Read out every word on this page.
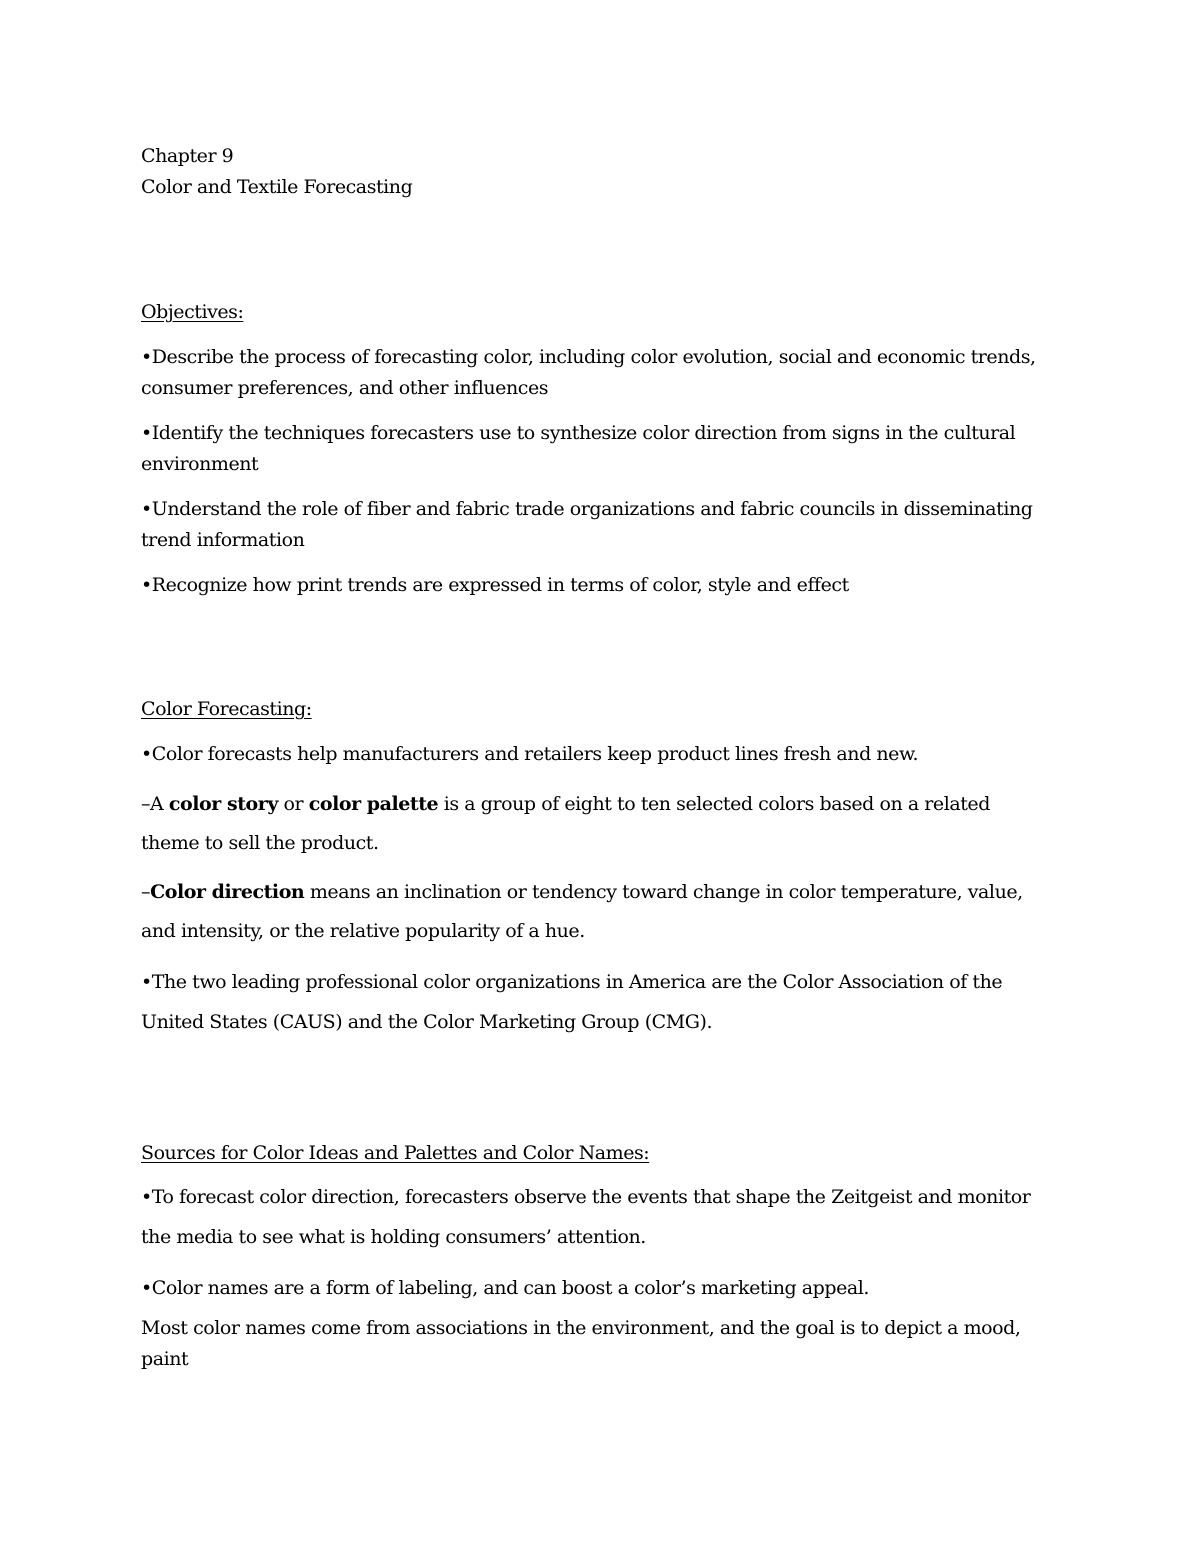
Chapter 9
Color and Textile Forecasting
Objectives:
•Describe the process of forecasting color, including color evolution, social and economic trends,
consumer preferences, and other influences
•Identify the techniques forecasters use to synthesize color direction from signs in the cultural
environment
•Understand the role of fiber and fabric trade organizations and fabric councils in disseminating
trend information
•Recognize how print trends are expressed in terms of color, style and effect
Color Forecasting:
•Color forecasts help manufacturers and retailers keep product lines fresh and new.
–A color story or color palette is a group of eight to ten selected colors based on a related
theme to sell the product.
–Color direction means an inclination or tendency toward change in color temperature, value,
and intensity, or the relative popularity of a hue.
•The two leading professional color organizations in America are the Color Association of the
United States (CAUS) and the Color Marketing Group (CMG).
Sources for Color Ideas and Palettes and Color Names:
•To forecast color direction, forecasters observe the events that shape the Zeitgeist and monitor
the media to see what is holding consumers’ attention.
•Color names are a form of labeling, and can boost a color’s marketing appeal.
Most color names come from associations in the environment, and the goal is to depict a mood,
paint
